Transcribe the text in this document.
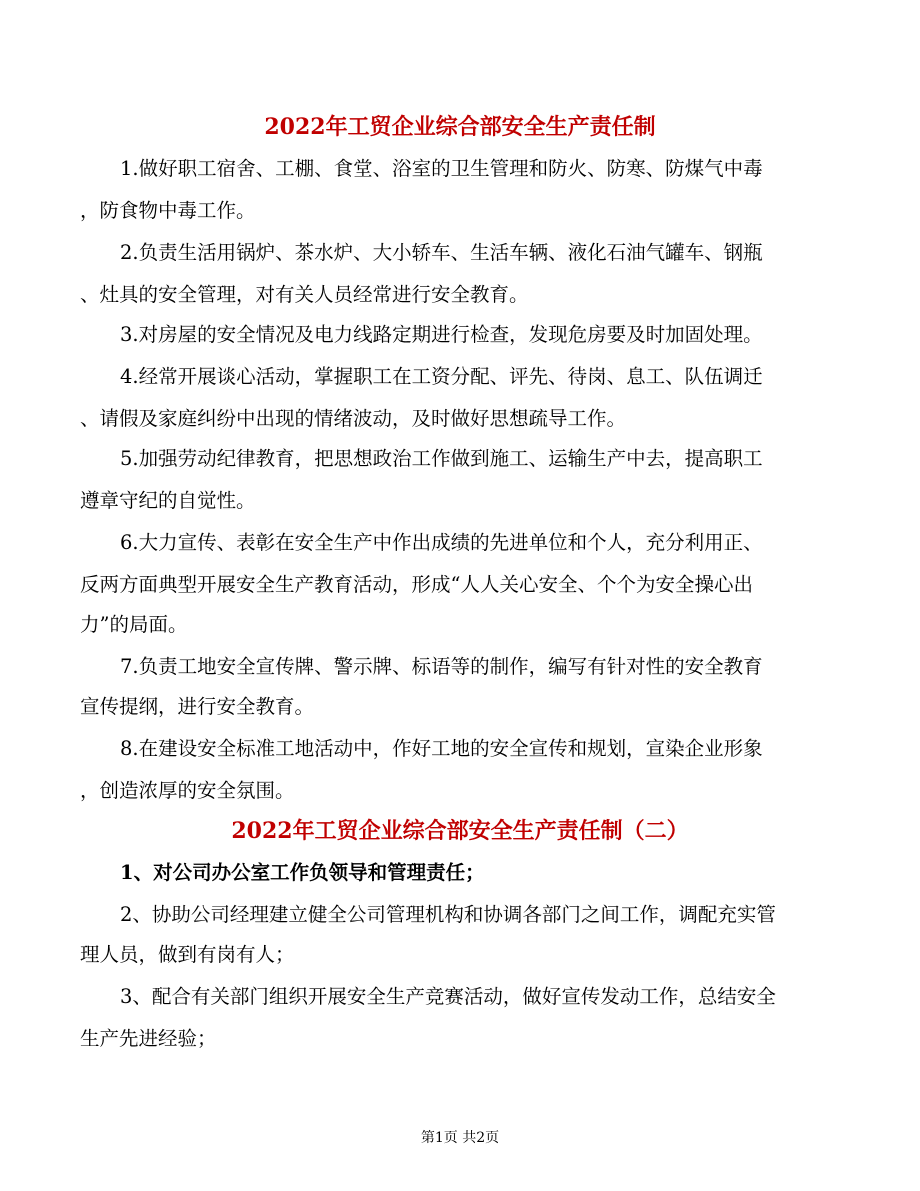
2022年工贸企业综合部安全生产责任制
1.做好职工宿舍、工棚、食堂、浴室的卫生管理和防火、防寒、防煤气中毒
，防食物中毒工作。
2.负责生活用锅炉、茶水炉、大小轿车、生活车辆、液化石油气罐车、钢瓶
、灶具的安全管理，对有关人员经常进行安全教育。
3.对房屋的安全情况及电力线路定期进行检查，发现危房要及时加固处理。
4.经常开展谈心活动，掌握职工在工资分配、评先、待岗、息工、队伍调迁
、请假及家庭纠纷中出现的情绪波动，及时做好思想疏导工作。
5.加强劳动纪律教育，把思想政治工作做到施工、运输生产中去，提高职工
遵章守纪的自觉性。
6.大力宣传、表彰在安全生产中作出成绩的先进单位和个人，充分利用正、
反两方面典型开展安全生产教育活动，形成“人人关心安全、个个为安全操心出
力”的局面。
7.负责工地安全宣传牌、警示牌、标语等的制作，编写有针对性的安全教育
宣传提纲，进行安全教育。
8.在建设安全标准工地活动中，作好工地的安全宣传和规划，宣染企业形象
，创造浓厚的安全氛围。
2022年工贸企业综合部安全生产责任制（二）
1、对公司办公室工作负领导和管理责任；
2、协助公司经理建立健全公司管理机构和协调各部门之间工作，调配充实管
理人员，做到有岗有人；
3、配合有关部门组织开展安全生产竞赛活动，做好宣传发动工作，总结安全
生产先进经验；
第1页 共2页
